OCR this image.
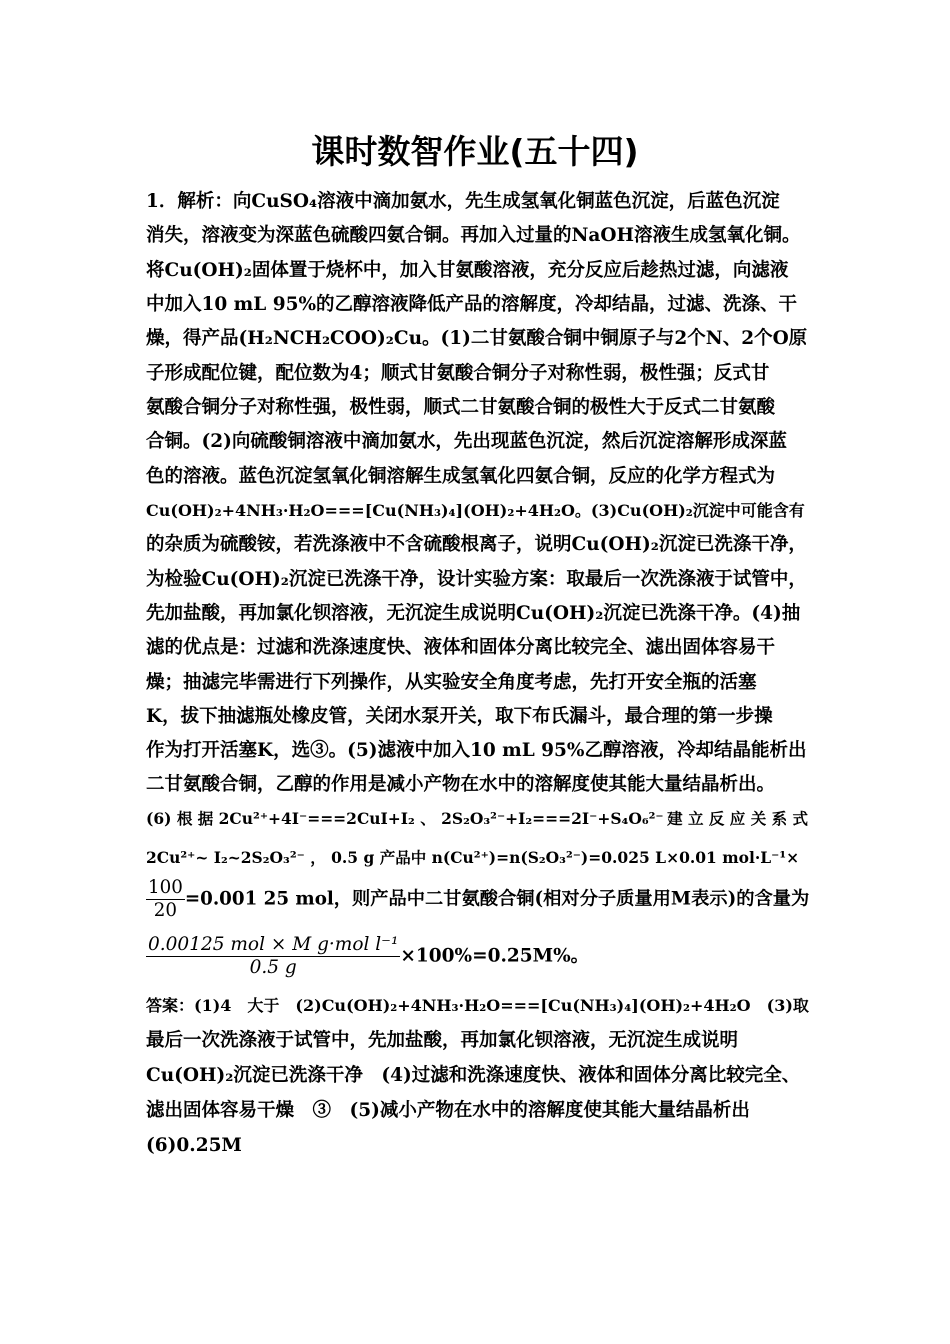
课时数智作业(五十四)
1．解析：向CuSO₄溶液中滴加氨水，先生成氢氧化铜蓝色沉淀，后蓝色沉淀
消失，溶液变为深蓝色硫酸四氨合铜。再加入过量的NaOH溶液生成氢氧化铜。
将Cu(OH)₂固体置于烧杯中，加入甘氨酸溶液，充分反应后趁热过滤，向滤液
中加入10 mL 95%的乙醇溶液降低产品的溶解度，冷却结晶，过滤、洗涤、干
燥，得产品(H₂NCH₂COO)₂Cu。(1)二甘氨酸合铜中铜原子与2个N、2个O原
子形成配位键，配位数为4；顺式甘氨酸合铜分子对称性弱，极性强；反式甘
氨酸合铜分子对称性强，极性弱，顺式二甘氨酸合铜的极性大于反式二甘氨酸
合铜。(2)向硫酸铜溶液中滴加氨水，先出现蓝色沉淀，然后沉淀溶解形成深蓝
色的溶液。蓝色沉淀氢氧化铜溶解生成氢氧化四氨合铜，反应的化学方程式为
Cu(OH)₂+4NH₃·H₂O===[Cu(NH₃)₄](OH)₂+4H₂O。(3)Cu(OH)₂沉淀中可能含有
的杂质为硫酸铵，若洗涤液中不含硫酸根离子，说明Cu(OH)₂沉淀已洗涤干净，
为检验Cu(OH)₂沉淀已洗涤干净，设计实验方案：取最后一次洗涤液于试管中，
先加盐酸，再加氯化钡溶液，无沉淀生成说明Cu(OH)₂沉淀已洗涤干净。(4)抽
滤的优点是：过滤和洗涤速度快、液体和固体分离比较完全、滤出固体容易干
燥；抽滤完毕需进行下列操作，从实验安全角度考虑，先打开安全瓶的活塞
K，拔下抽滤瓶处橡皮管，关闭水泵开关，取下布氏漏斗，最合理的第一步操
作为打开活塞K，选③。(5)滤液中加入10 mL 95%乙醇溶液，冷却结晶能析出
二甘氨酸合铜，乙醇的作用是减小产物在水中的溶解度使其能大量结晶析出。
(6) 根 据 2Cu²⁺+4I⁻===2CuI+I₂ 、 2S₂O₃²⁻+I₂===2I⁻+S₄O₆²⁻ 建 立 反 应 关 系 式
2Cu²⁺~ I₂~2S₂O₃²⁻ ， 0.5 g 产品中 n(Cu²⁺)=n(S₂O₃²⁻)=0.025 L×0.01 mol·L⁻¹×
$\frac{100}{20} =0.001$ 25 mol，则产品中二甘氨酸合铜(相对分子质量用M表示)的含量为
$\frac{\text{0.00125 mol × M g·mol l⁻¹}}{0.5 g} \times 100\%=0.25M\%$。
答案：(1)4　大于　(2)Cu(OH)₂+4NH₃·H₂O===[Cu(NH₃)₄](OH)₂+4H₂O　(3)取
最后一次洗涤液于试管中，先加盐酸，再加氯化钡溶液，无沉淀生成说明
Cu(OH)₂沉淀已洗涤干净　(4)过滤和洗涤速度快、液体和固体分离比较完全、
滤出固体容易干燥　③　(5)减小产物在水中的溶解度使其能大量结晶析出
(6)0.25M
